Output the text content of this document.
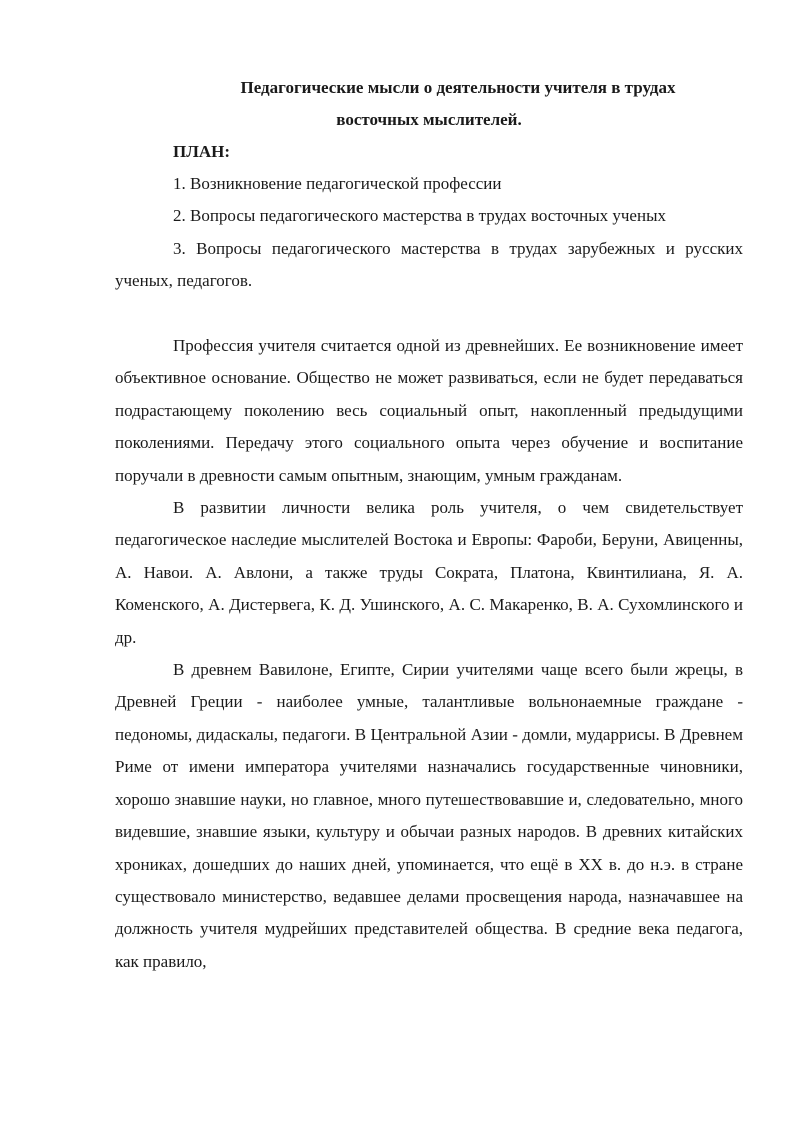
Педагогические мысли о деятельности учителя в трудах
восточных мыслителей.
ПЛАН:
1. Возникновение педагогической профессии
2. Вопросы педагогического мастерства в трудах восточных ученых
3. Вопросы педагогического мастерства в трудах зарубежных и русских ученых, педагогов.

Профессия учителя считается одной из древнейших. Ее возникновение имеет объективное основание. Общество не может развиваться, если не будет передаваться подрастающему поколению весь социальный опыт, накопленный предыдущими поколениями. Передачу этого социального опыта через обучение и воспитание поручали в древности самым опытным, знающим, умным гражданам.

В развитии личности велика роль учителя, о чем свидетельствует педагогическое наследие мыслителей Востока и Европы: Фароби, Беруни, Авиценны, А. Навои. А. Авлони, а также труды Сократа, Платона, Квинтилиана, Я. А. Коменского, А. Дистервега, К. Д. Ушинского, А. С. Макаренко, В. А. Сухомлинского и др.

В древнем Вавилоне, Египте, Сирии учителями чаще всего были жрецы, в Древней Греции - наиболее умные, талантливые вольнонаемные граждане - педономы, дидаскалы, педагоги. В Центральной Азии - домли, мударрисы. В Древнем Риме от имени императора учителями назначались государственные чиновники, хорошо знавшие науки, но главное, много путешествовавшие и, следовательно, много видевшие, знавшие языки, культуру и обычаи разных народов. В древних китайских хрониках, дошедших до наших дней, упоминается, что ещё в XX в. до н.э. в стране существовало министерство, ведавшее делами просвещения народа, назначавшее на должность учителя мудрейших представителей общества. В средние века педагога, как правило,
